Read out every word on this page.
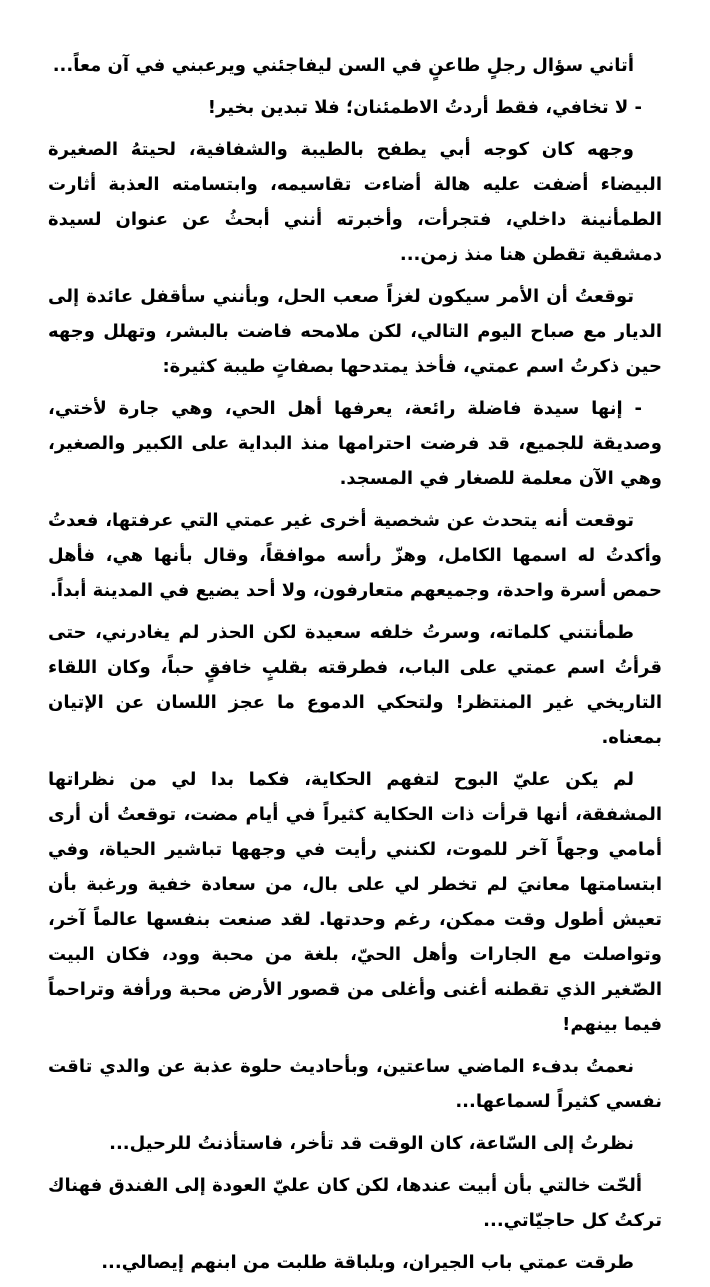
أتاني سؤال رجلٍ طاعنٍ في السن ليفاجئني ويرعبني في آن معاً...

- لا تخافي، فقط أردتُ الاطمئنان؛ فلا تبدين بخير!

وجهه كان كوجه أبي يطفح بالطيبة والشفافية، لحيتهُ الصغيرة البيضاء أضفت عليه هالة أضاءت تقاسيمه، وابتسامته العذبة أثارت الطمأنينة داخلي، فتجرأت، وأخبرته أنني أبحثُ عن عنوان لسيدة دمشقية تقطن هنا منذ زمن...

توقعتُ أن الأمر سيكون لغزاً صعب الحل، وبأنني سأقفل عائدة إلى الديار مع صباح اليوم التالي، لكن ملامحه فاضت بالبشر، وتهلل وجهه حين ذكرتُ اسم عمتي، فأخذ يمتدحها بصفاتٍ طيبة كثيرة:

- إنها سيدة فاضلة رائعة، يعرفها أهل الحي، وهي جارة لأختي، وصديقة للجميع، قد فرضت احترامها منذ البداية على الكبير والصغير، وهي الآن معلمة للصغار في المسجد.

توقعت أنه يتحدث عن شخصية أخرى غير عمتي التي عرفتها، فعدتُ وأكدتُ له اسمها الكامل، وهزّ رأسه موافقاً، وقال بأنها هي، فأهل حمص أسرة واحدة، وجميعهم متعارفون، ولا أحد يضيع في المدينة أبداً.

طمأنتني كلماته، وسرتُ خلفه سعيدة لكن الحذر لم يغادرني، حتى قرأتُ اسم عمتي على الباب، فطرقته بقلبٍ خافقٍ حباً، وكان اللقاء التاريخي غير المنتظر! ولتحكي الدموع ما عجز اللسان عن الإتيان بمعناه.

لم يكن عليّ البوح لتفهم الحكاية، فكما بدا لي من نظراتها المشفقة، أنها قرأت ذات الحكاية كثيراً في أيام مضت، توقعتُ أن أرى أمامي وجهاً آخر للموت، لكنني رأيت في وجهها تباشير الحياة، وفي ابتسامتها معانيَ لم تخطر لي على بال، من سعادة خفية ورغبة بأن تعيش أطول وقت ممكن، رغم وحدتها. لقد صنعت بنفسها عالماً آخر، وتواصلت مع الجارات وأهل الحيّ، بلغة من محبة وود، فكان البيت الصّغير الذي تقطنه أغنى وأغلى من قصور الأرض محبة ورأفة وتراحماً فيما بينهم!

نعمتُ بدفء الماضي ساعتين، وبأحاديث حلوة عذبة عن والدي تاقت نفسي كثيراً لسماعها...

نظرتُ إلى السّاعة، كان الوقت قد تأخر، فاستأذنتُ للرحيل...

ألحّت خالتي بأن أبيت عندها، لكن كان عليّ العودة إلى الفندق فهناك تركتُ كل حاجيّاتي...

طرقت عمتي باب الجيران، وبلباقة طلبت من ابنهم إيصالي...
